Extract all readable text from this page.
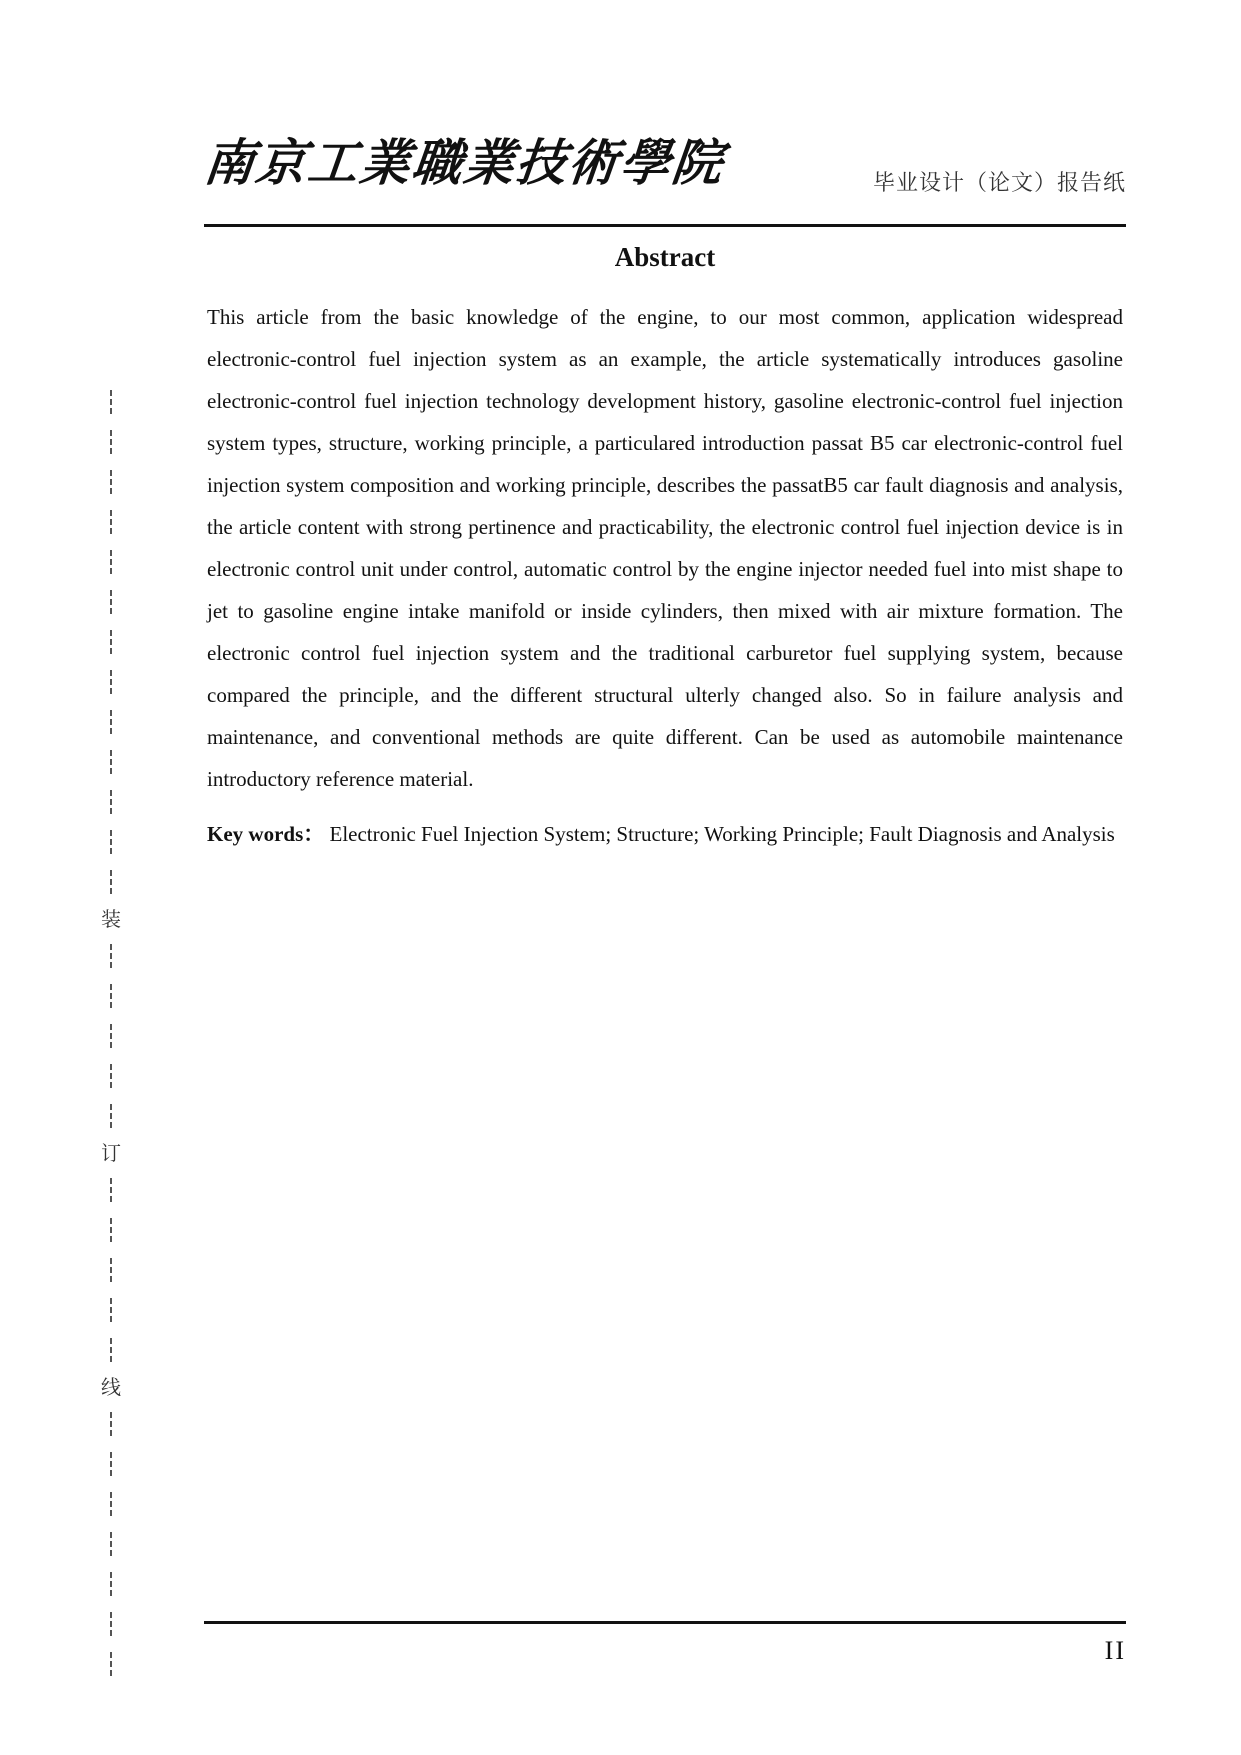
南京工業職業技術學院	毕业设计（论文）报告纸
Abstract

This article from the basic knowledge of the engine, to our most common, application widespread electronic-control fuel injection system as an example, the article systematically introduces gasoline electronic-control fuel injection technology development history, gasoline electronic-control fuel injection system types, structure, working principle, a particulared introduction passat B5 car electronic-control fuel injection system composition and working principle, describes the passatB5 car fault diagnosis and analysis, the article content with strong pertinence and practicability, the electronic control fuel injection device is in electronic control unit under control, automatic control by the engine injector needed fuel into mist shape to jet to gasoline engine intake manifold or inside cylinders, then mixed with air mixture formation. The electronic control fuel injection system and the traditional carburetor fuel supplying system, because compared the principle, and the different structural ulterly changed also. So in failure analysis and maintenance, and conventional methods are quite different. Can be used as automobile maintenance introductory reference material.

Key words： Electronic Fuel Injection System; Structure; Working Principle; Fault Diagnosis and Analysis

装
订
线
II
